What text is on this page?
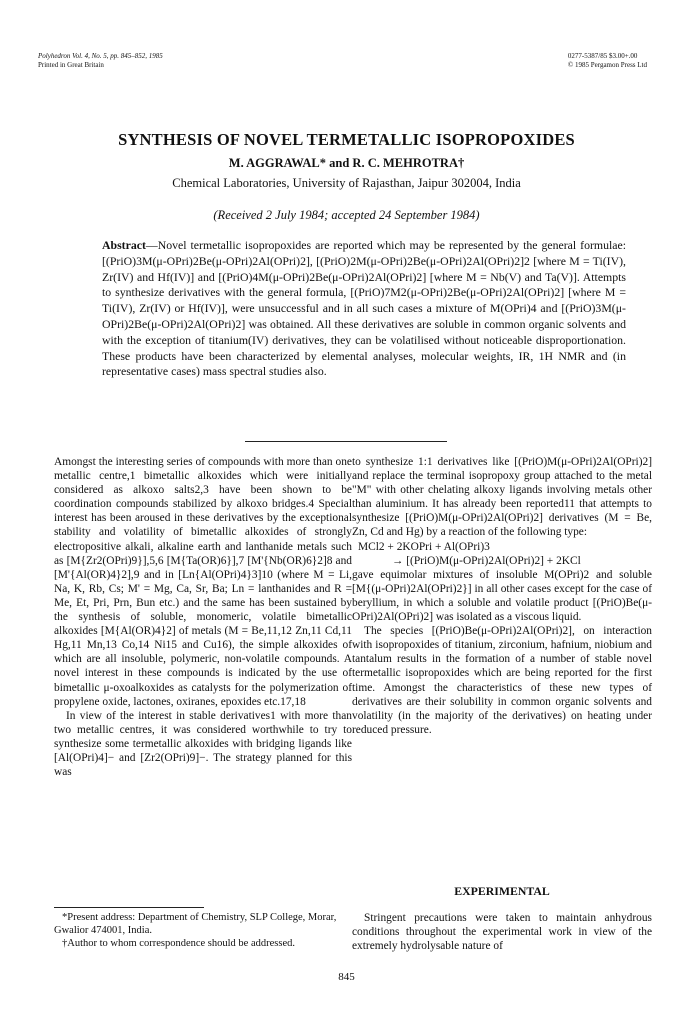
Polyhedron Vol. 4, No. 5, pp. 845–852, 1985
Printed in Great Britain
0277-5387/85 $3.00+.00
© 1985 Pergamon Press Ltd
SYNTHESIS OF NOVEL TERMETALLIC ISOPROPOXIDES
M. AGGRAWAL* and R. C. MEHROTRA†
Chemical Laboratories, University of Rajasthan, Jaipur 302004, India
(Received 2 July 1984; accepted 24 September 1984)
Abstract—Novel termetallic isopropoxides are reported which may be represented by the general formulae: [(PriO)3M(μ-OPri)2Be(μ-OPri)2Al(OPri)2], [(PriO)2M(μ-OPri)2Be(μ-OPri)2Al(OPri)2]2 [where M = Ti(IV), Zr(IV) and Hf(IV)] and [(PriO)4M(μ-OPri)2Be(μ-OPri)2Al(OPri)2] [where M = Nb(V) and Ta(V)]. Attempts to synthesize derivatives with the general formula, [(PriO)7M2(μ-OPri)2Be(μ-OPri)2Al(OPri)2] [where M = Ti(IV), Zr(IV) or Hf(IV)], were unsuccessful and in all such cases a mixture of M(OPri)4 and [(PriO)3M(μ-OPri)2Be(μ-OPri)2Al(OPri)2] was obtained. All these derivatives are soluble in common organic solvents and with the exception of titanium(IV) derivatives, they can be volatilised without noticeable disproportionation. These products have been characterized by elemental analyses, molecular weights, IR, 1H NMR and (in representative cases) mass spectral studies also.

Amongst the interesting series of compounds with more than one metallic centre,1 bimetallic alkoxides which were initially considered as alkoxo salts2,3 have been shown to be coordination compounds stabilized by alkoxo bridges.4 Special interest has been aroused in these derivatives by the exceptional stability and volatility of bimetallic alkoxides of strongly electropositive alkali, alkaline earth and lanthanide metals such as [M{Zr2(OPri)9}],5,6 [M{Ta(OR)6}],7 [M'{Nb(OR)6}2]8 and [M'{Al(OR)4}2],9 and in [Ln{Al(OPri)4}3]10 (where M = Li, Na, K, Rb, Cs; M' = Mg, Ca, Sr, Ba; Ln = lanthanides and R = Me, Et, Pri, Prn, Bun etc.) and the same has been sustained by the synthesis of soluble, monomeric, volatile bimetallic alkoxides [M{Al(OR)4}2] of metals (M = Be,11,12 Zn,11 Cd,11 Hg,11 Mn,13 Co,14 Ni15 and Cu16), the simple alkoxides of which are all insoluble, polymeric, non-volatile compounds. A novel interest in these compounds is indicated by the use of bimetallic μ-oxoalkoxides as catalysts for the polymerization of propylene oxide, lactones, oxiranes, epoxides etc.17,18

In view of the interest in stable derivatives1 with more than two metallic centres, it was considered worthwhile to try to synthesize some termetallic alkoxides with bridging ligands like [Al(OPri)4]− and [Zr2(OPri)9]−. The strategy planned for this was

to synthesize 1:1 derivatives like [(PriO)M(μ-OPri)2Al(OPri)2] and replace the terminal isopropoxy group attached to the metal "M" with other chelating alkoxy ligands involving metals other than aluminium. It has already been reported11 that attempts to synthesize [(PriO)M(μ-OPri)2Al(OPri)2] derivatives (M = Be, Zn, Cd and Hg) by a reaction of the following type:

MCl2 + 2KOPri + Al(OPri)3

→ [(PriO)M(μ-OPri)2Al(OPri)2] + 2KCl

gave equimolar mixtures of insoluble M(OPri)2 and soluble [M{(μ-OPri)2Al(OPri)2}] in all other cases except for the case of beryllium, in which a soluble and volatile product [(PriO)Be(μ-OPri)2Al(OPri)2] was isolated as a viscous liquid.

The species [(PriO)Be(μ-OPri)2Al(OPri)2], on interaction with isopropoxides of titanium, zirconium, hafnium, niobium and tantalum results in the formation of a number of stable novel termetallic isopropoxides which are being reported for the first time. Amongst the characteristics of these new types of derivatives are their solubility in common organic solvents and volatility (in the majority of the derivatives) on heating under reduced pressure.

*Present address: Department of Chemistry, SLP College, Morar, Gwalior 474001, India.

†Author to whom correspondence should be addressed.

EXPERIMENTAL

Stringent precautions were taken to maintain anhydrous conditions throughout the experimental work in view of the extremely hydrolysable nature of

845
